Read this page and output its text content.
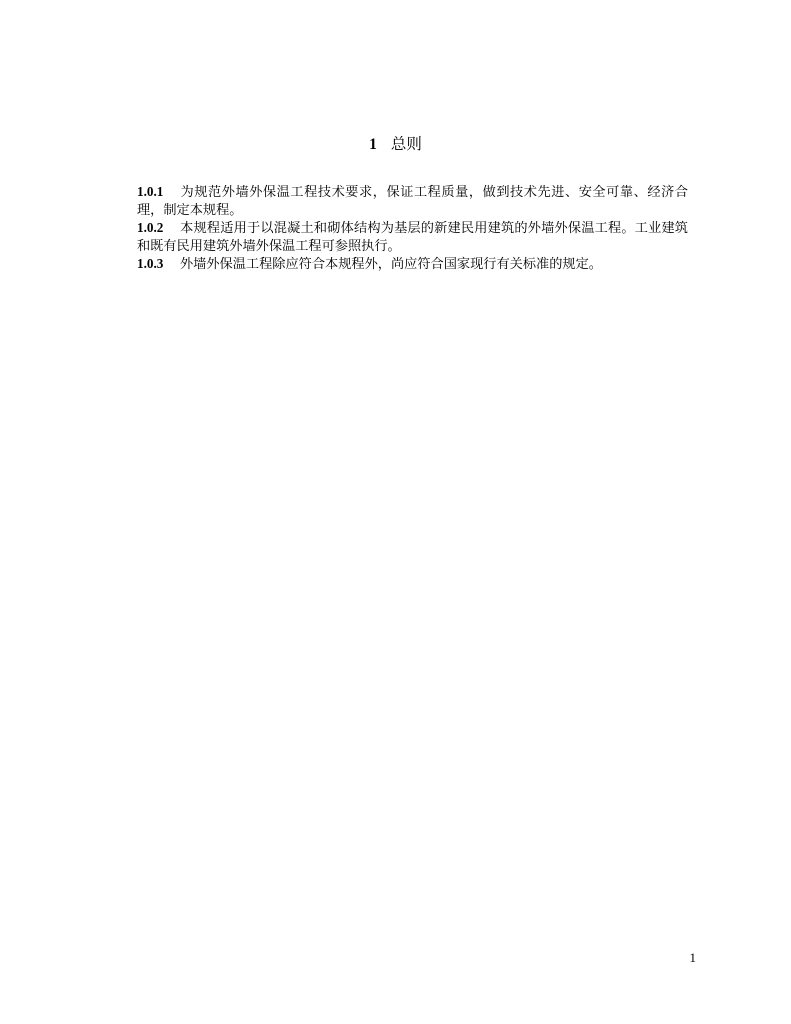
1 总则

1.0.1 为规范外墙外保温工程技术要求，保证工程质量，做到技术先进、安全可靠、经济合理，制定本规程。

1.0.2 本规程适用于以混凝土和砌体结构为基层的新建民用建筑的外墙外保温工程。工业建筑和既有民用建筑外墙外保温工程可参照执行。

1.0.3 外墙外保温工程除应符合本规程外，尚应符合国家现行有关标准的规定。

1
